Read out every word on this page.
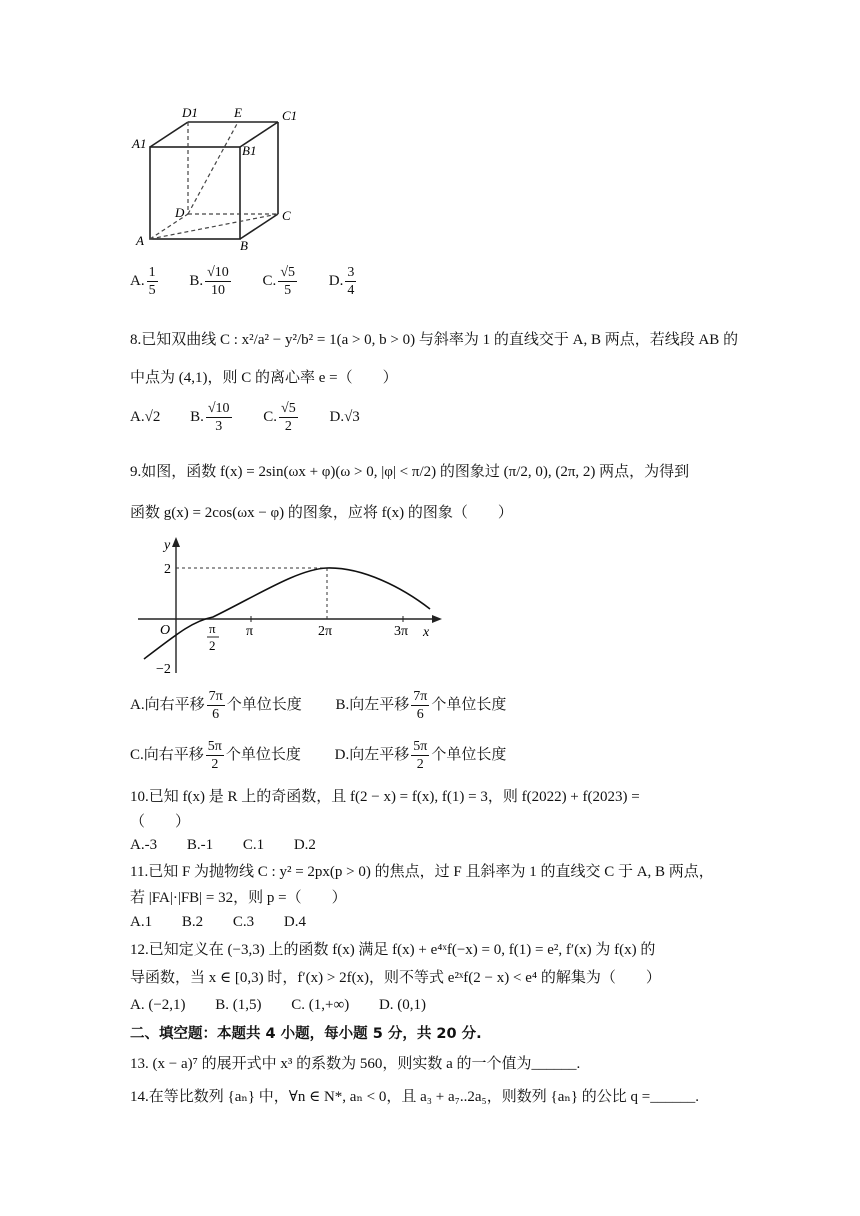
D1	E	C1
A1	B1
D	C
A	B
A. $\frac{1}{5} B$. $\frac{√10}{10} C$. $\frac{√5}{5} D$. $\frac{3}{4}$
8.已知双曲线 C : x²/a² − y²/b² = 1(a > 0, b > 0) 与斜率为 1 的直线交于 A, B 两点，若线段 AB 的
中点为 (4,1)，则 C 的离心率 e =（　　）
A.√2 B. $\frac{√10}{3} C$. $\frac{√5}{2} D.√3$
9.如图，函数 f(x) = 2sin(ωx + φ)(ω > 0, |φ| < π/2) 的图象过 (π/2, 0), (2π, 2) 两点，为得到
函数 g(x) = 2cos(ωx − φ) 的图象，应将 f(x) 的图象（　　）
y
x
O
2
−2
π
2
π	2π	3π
A.向右平移 $\frac{7\pi}{6}$ 个单位长度 B.向左平移 $\frac{7\pi}{6}$ 个单位长度
C.向右平移 $\frac{5\pi}{2}$ 个单位长度 D.向左平移 $\frac{5\pi}{2}$ 个单位长度
10.已知 f(x) 是 R 上的奇函数，且 f(2 − x) = f(x), f(1) = 3，则 f(2022) + f(2023) =
（　　）
A.-3 B.-1 C.1 D.2
11.已知 F 为抛物线 C : y² = 2px(p > 0) 的焦点，过 F 且斜率为 1 的直线交 C 于 A, B 两点，
若 |FA|·|FB| = 32，则 p =（　　）
A.1 B.2 C.3 D.4
12.已知定义在 (−3,3) 上的函数 f(x) 满足 f(x) + e⁴ˣf(−x) = 0, f(1) = e², f′(x) 为 f(x) 的
导函数，当 x ∈ [0,3) 时，f′(x) > 2f(x)，则不等式 e²ˣf(2 − x) < e⁴ 的解集为（　　）
A. (−2,1) B. (1,5) C. (1,+∞) D. (0,1)
二、填空题：本题共 4 小题，每小题 5 分，共 20 分.
13. (x − a)⁷ 的展开式中 x³ 的系数为 560，则实数 a 的一个值为______.
14.在等比数列 {aₙ} 中，∀n ∈ N*, aₙ < 0，且 a₃ + a₇..2a₅，则数列 {aₙ} 的公比 q =______.
